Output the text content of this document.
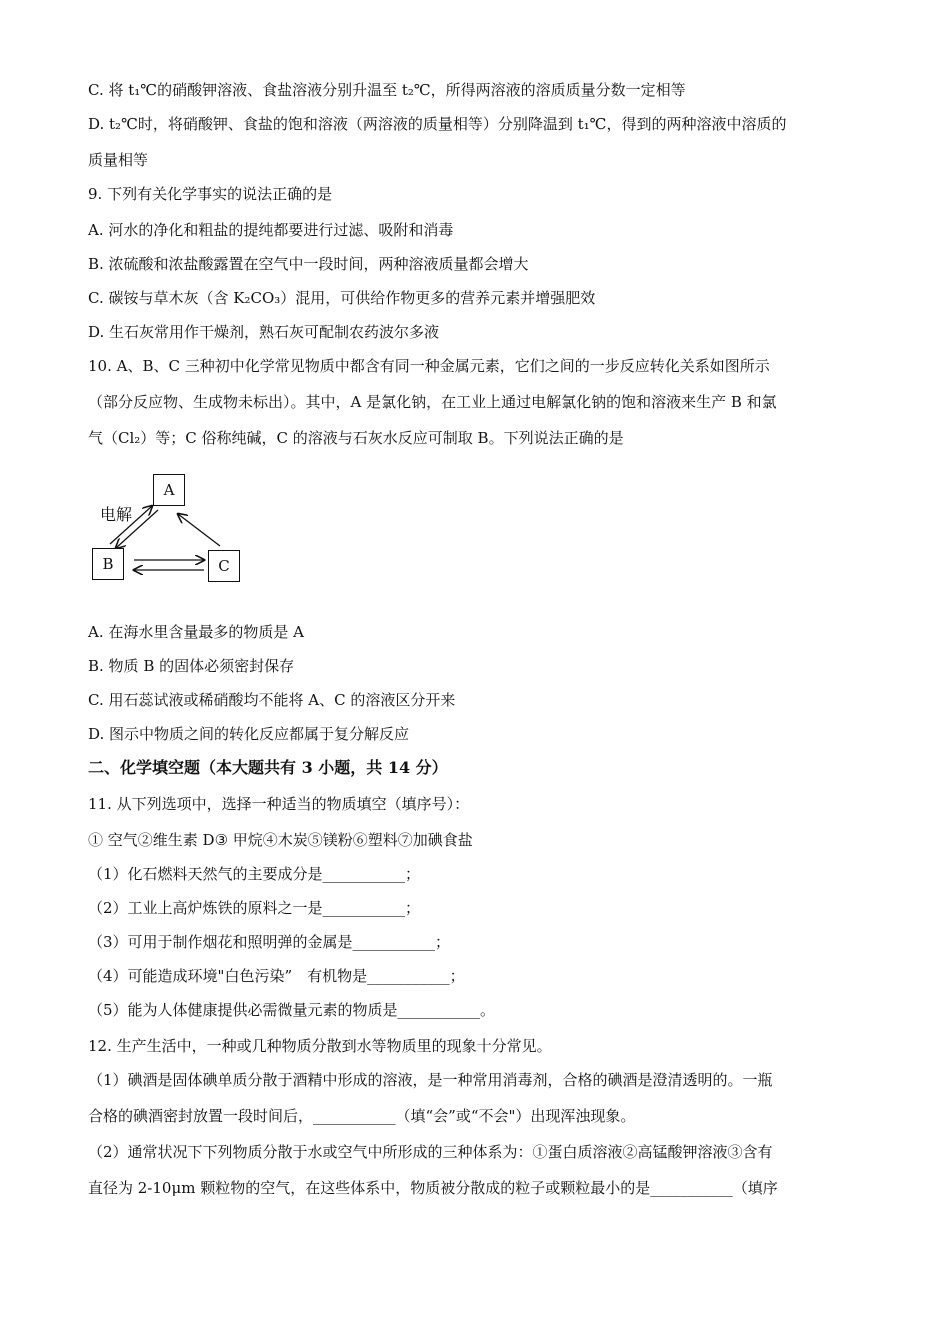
C. 将 t₁℃的硝酸钾溶液、食盐溶液分别升温至 t₂℃，所得两溶液的溶质质量分数一定相等
D. t₂℃时，将硝酸钾、食盐的饱和溶液（两溶液的质量相等）分别降温到 t₁℃，得到的两种溶液中溶质的
质量相等
9. 下列有关化学事实的说法正确的是
A. 河水的净化和粗盐的提纯都要进行过滤、吸附和消毒
B. 浓硫酸和浓盐酸露置在空气中一段时间，两种溶液质量都会增大
C. 碳铵与草木灰（含 K₂CO₃）混用，可供给作物更多的营养元素并增强肥效
D. 生石灰常用作干燥剂，熟石灰可配制农药波尔多液
10. A、B、C 三种初中化学常见物质中都含有同一种金属元素，它们之间的一步反应转化关系如图所示
（部分反应物、生成物未标出）。其中，A 是氯化钠，在工业上通过电解氯化钠的饱和溶液来生产 B 和氯
气（Cl₂）等；C 俗称纯碱，C 的溶液与石灰水反应可制取 B。下列说法正确的是
A
B	C
电解
A. 在海水里含量最多的物质是 A
B. 物质 B 的固体必须密封保存
C. 用石蕊试液或稀硝酸均不能将 A、C 的溶液区分开来
D. 图示中物质之间的转化反应都属于复分解反应
二、化学填空题（本大题共有 3 小题，共 14 分）
11. 从下列选项中，选择一种适当的物质填空（填序号）：
① 空气②维生素 D③ 甲烷④木炭⑤镁粉⑥塑料⑦加碘食盐
（1）化石燃料天然气的主要成分是___________；
（2）工业上高炉炼铁的原料之一是___________；
（3）可用于制作烟花和照明弹的金属是___________；
（4）可能造成环境"白色污染”　有机物是___________；
（5）能为人体健康提供必需微量元素的物质是___________。
12. 生产生活中，一种或几种物质分散到水等物质里的现象十分常见。
（1）碘酒是固体碘单质分散于酒精中形成的溶液，是一种常用消毒剂，合格的碘酒是澄清透明的。一瓶
合格的碘酒密封放置一段时间后，___________（填“会”或“不会"）出现浑浊现象。
（2）通常状况下下列物质分散于水或空气中所形成的三种体系为：①蛋白质溶液②高锰酸钾溶液③含有
直径为 2-10μm 颗粒物的空气，在这些体系中，物质被分散成的粒子或颗粒最小的是___________（填序
